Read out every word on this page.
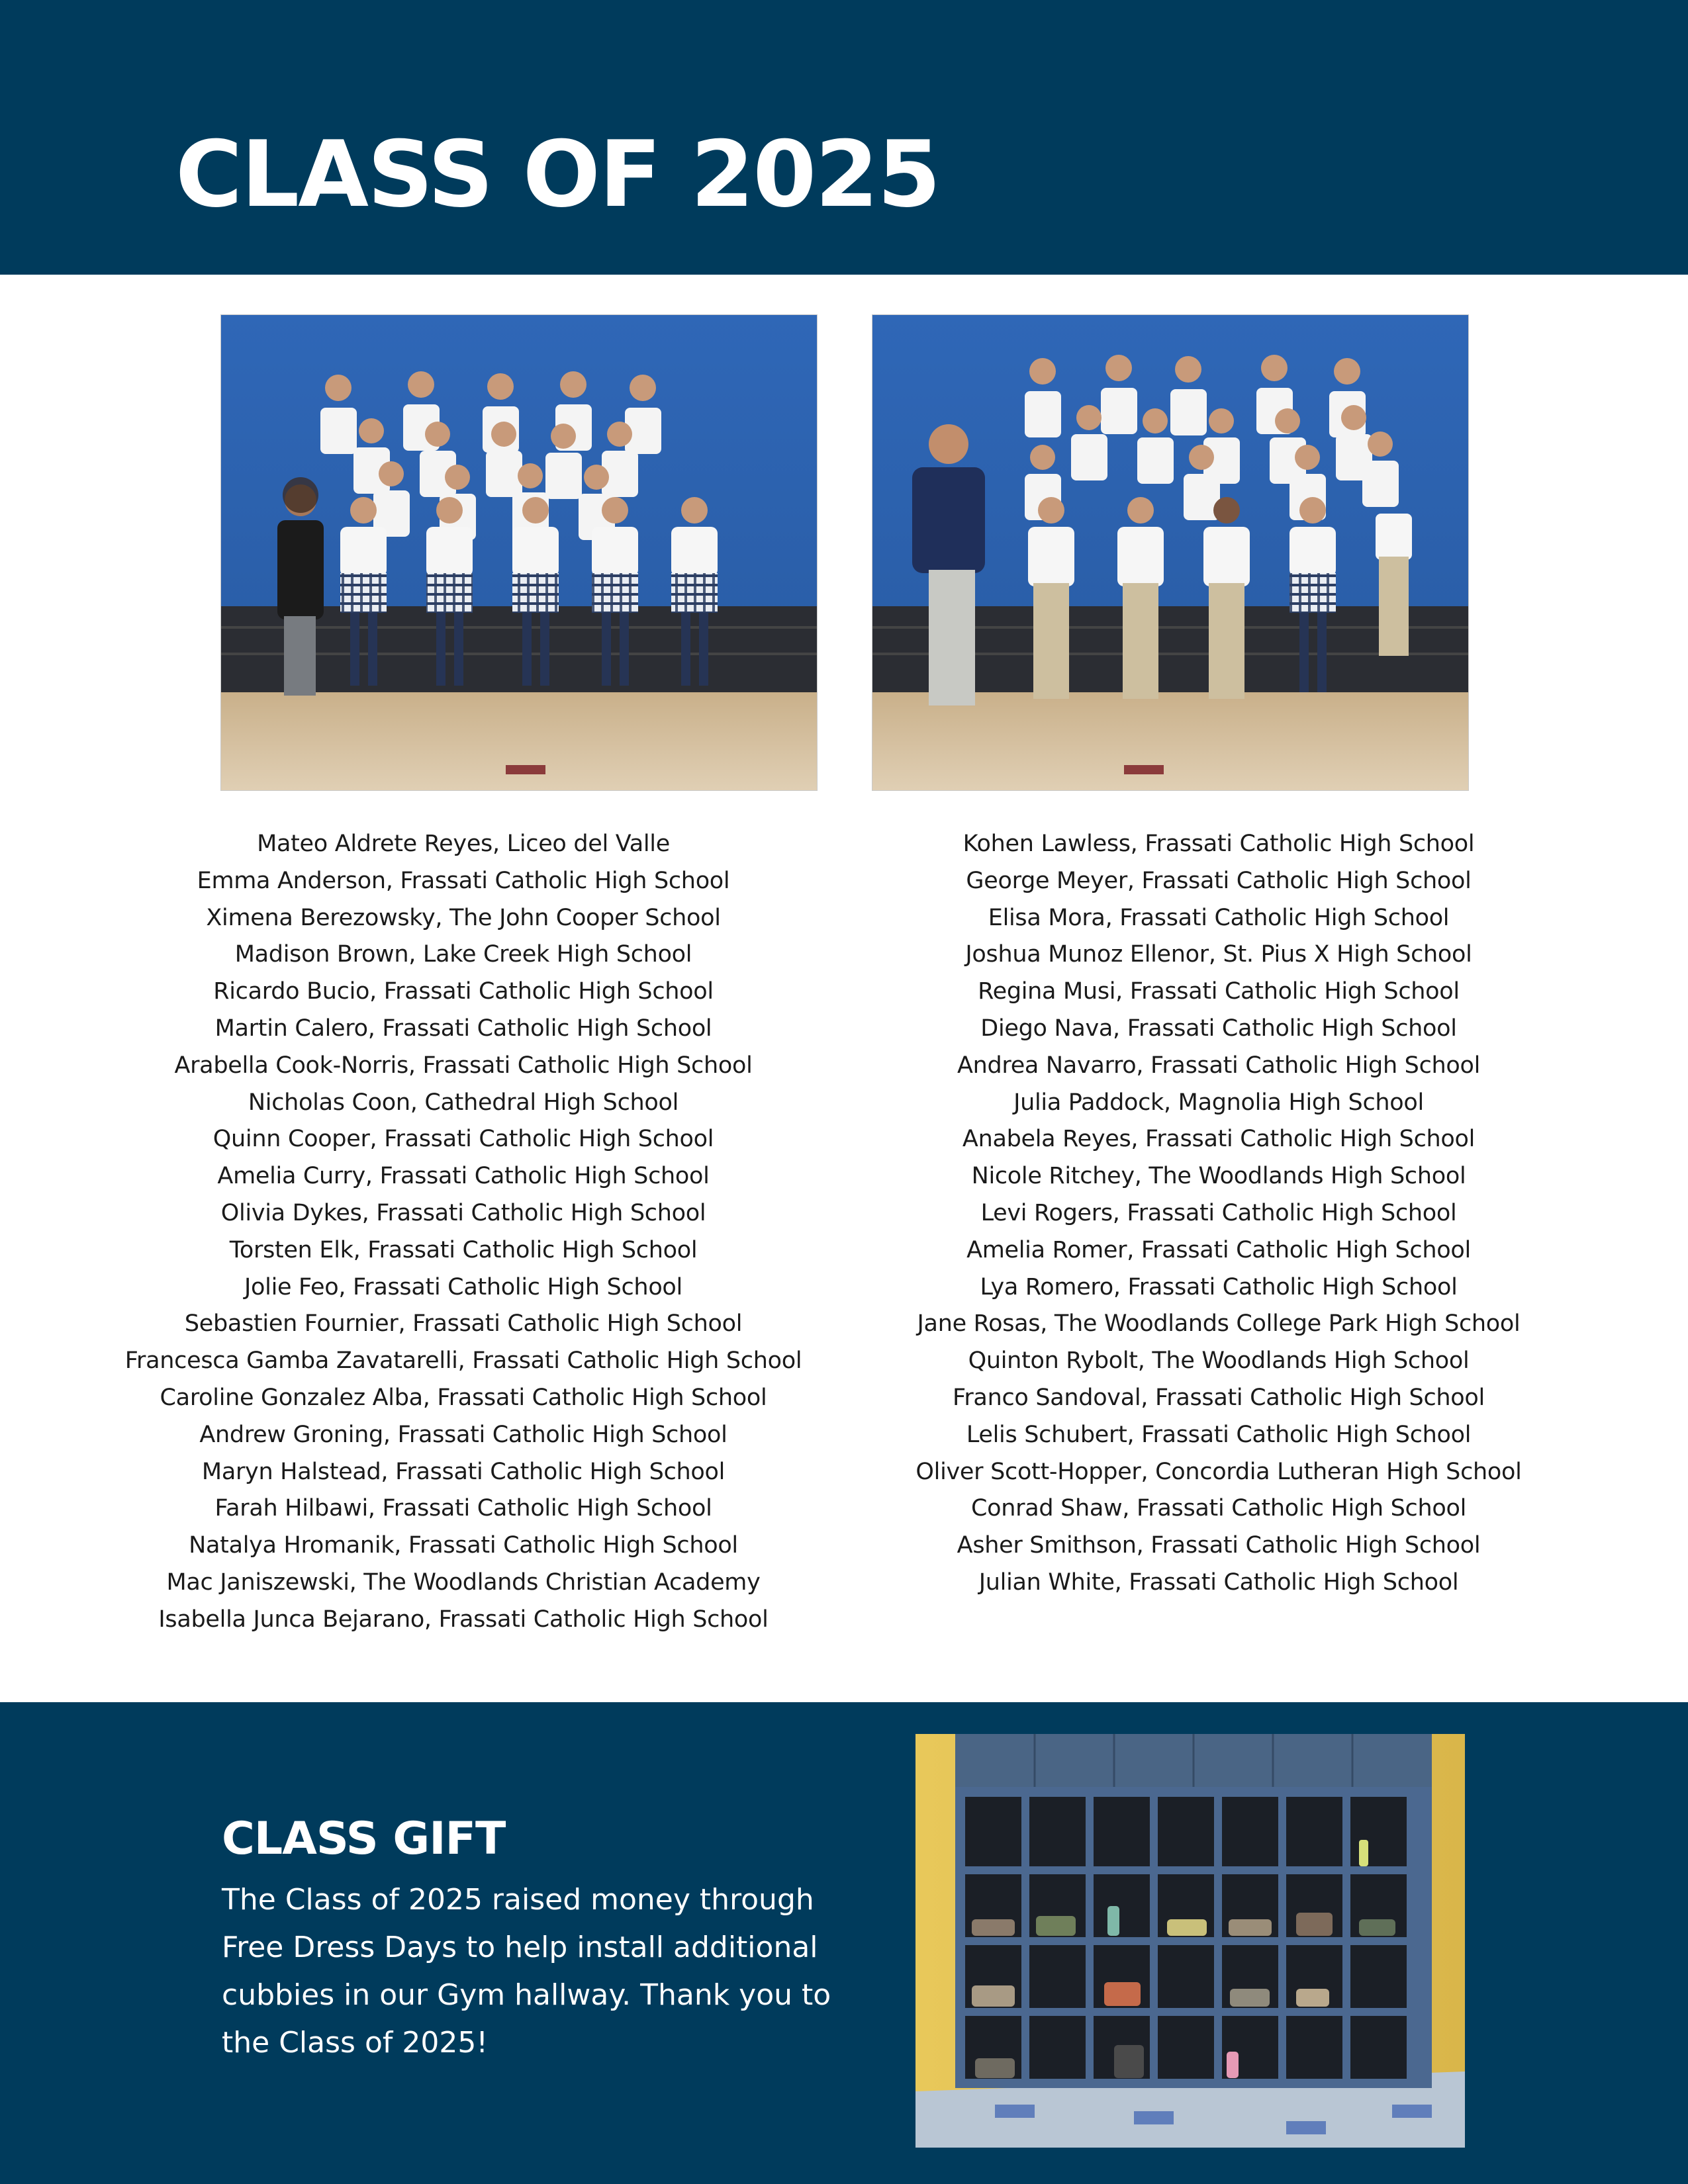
CLASS OF 2025
Mateo Aldrete Reyes, Liceo del Valle
Emma Anderson, Frassati Catholic High School
Ximena Berezowsky, The John Cooper School
Madison Brown, Lake Creek High School
Ricardo Bucio, Frassati Catholic High School
Martin Calero, Frassati Catholic High School
Arabella Cook-Norris, Frassati Catholic High School
Nicholas Coon, Cathedral High School
Quinn Cooper, Frassati Catholic High School
Amelia Curry, Frassati Catholic High School
Olivia Dykes, Frassati Catholic High School
Torsten Elk, Frassati Catholic High School
Jolie Feo, Frassati Catholic High School
Sebastien Fournier, Frassati Catholic High School
Francesca Gamba Zavatarelli, Frassati Catholic High School
Caroline Gonzalez Alba, Frassati Catholic High School
Andrew Groning, Frassati Catholic High School
Maryn Halstead, Frassati Catholic High School
Farah Hilbawi, Frassati Catholic High School
Natalya Hromanik, Frassati Catholic High School
Mac Janiszewski, The Woodlands Christian Academy
Isabella Junca Bejarano, Frassati Catholic High School
Kohen Lawless, Frassati Catholic High School
George Meyer, Frassati Catholic High School
Elisa Mora, Frassati Catholic High School
Joshua Munoz Ellenor, St. Pius X High School
Regina Musi, Frassati Catholic High School
Diego Nava, Frassati Catholic High School
Andrea Navarro, Frassati Catholic High School
Julia Paddock, Magnolia High School
Anabela Reyes, Frassati Catholic High School
Nicole Ritchey, The Woodlands High School
Levi Rogers, Frassati Catholic High School
Amelia Romer, Frassati Catholic High School
Lya Romero, Frassati Catholic High School
Jane Rosas, The Woodlands College Park High School
Quinton Rybolt, The Woodlands High School
Franco Sandoval, Frassati Catholic High School
Lelis Schubert, Frassati Catholic High School
Oliver Scott-Hopper, Concordia Lutheran High School
Conrad Shaw, Frassati Catholic High School
Asher Smithson, Frassati Catholic High School
Julian White, Frassati Catholic High School
CLASS GIFT

The Class of 2025 raised money through Free Dress Days to help install additional cubbies in our Gym hallway. Thank you to the Class of 2025!
